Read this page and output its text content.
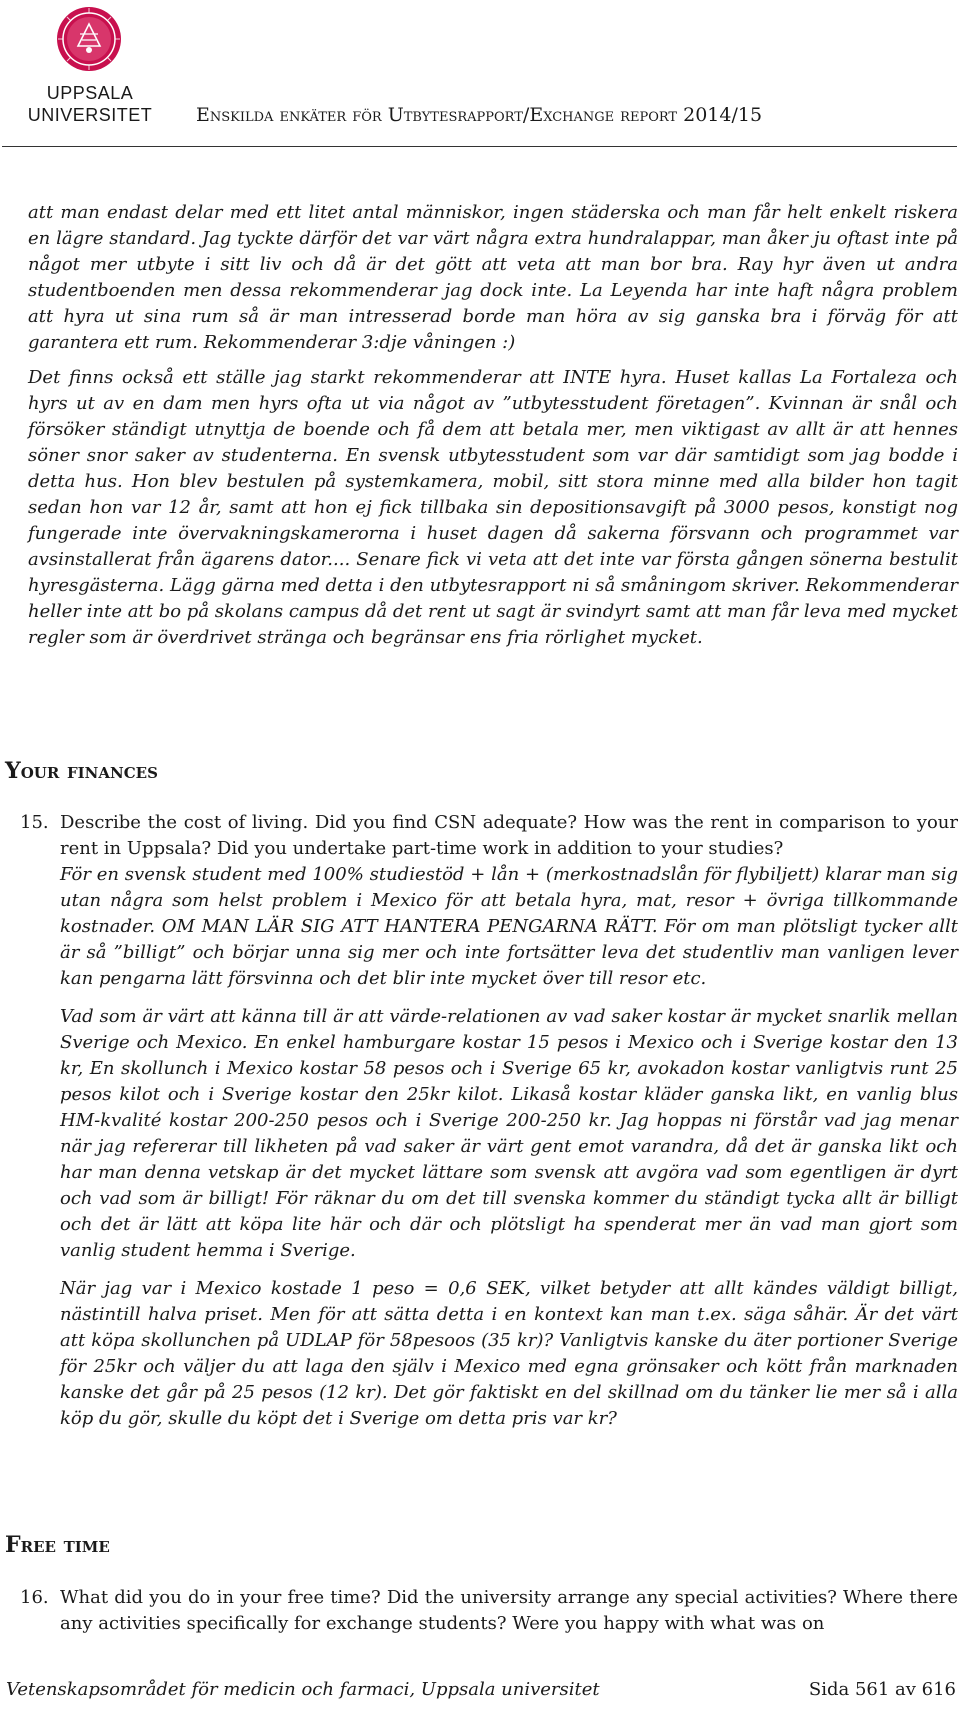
UPPSALA
UNIVERSITET	Enskilda enkäter för Utbytesrapport/Exchange report 2014/15

att man endast delar med ett litet antal människor, ingen städerska och man får helt enkelt riskera en lägre standard. Jag tyckte därför det var värt några extra hundralappar, man åker ju oftast inte på något mer utbyte i sitt liv och då är det gött att veta att man bor bra. Ray hyr även ut andra studentboenden men dessa rekommenderar jag dock inte. La Leyenda har inte haft några problem att hyra ut sina rum så är man intresserad borde man höra av sig ganska bra i förväg för att garantera ett rum. Rekommenderar 3:dje våningen :)

Det finns också ett ställe jag starkt rekommenderar att INTE hyra. Huset kallas La Fortaleza och hyrs ut av en dam men hyrs ofta ut via något av ”utbytesstudent företagen”. Kvinnan är snål och försöker ständigt utnyttja de boende och få dem att betala mer, men viktigast av allt är att hennes söner snor saker av studenterna. En svensk utbytesstudent som var där samtidigt som jag bodde i detta hus. Hon blev bestulen på systemkamera, mobil, sitt stora minne med alla bilder hon tagit sedan hon var 12 år, samt att hon ej fick tillbaka sin depositionsavgift på 3000 pesos, konstigt nog fungerade inte övervakningskamerorna i huset dagen då sakerna försvann och programmet var avsinstallerat från ägarens dator.... Senare fick vi veta att det inte var första gången sönerna bestulit hyresgästerna. Lägg gärna med detta i den utbytesrapport ni så småningom skriver. Rekommenderar heller inte att bo på skolans campus då det rent ut sagt är svindyrt samt att man får leva med mycket regler som är överdrivet stränga och begränsar ens fria rörlighet mycket.

Your finances
15. Describe the cost of living. Did you find CSN adequate? How was the rent in comparison to your rent in Uppsala? Did you undertake part-time work in addition to your studies?

För en svensk student med 100% studiestöd + lån + (merkostnadslån för flybiljett) klarar man sig utan några som helst problem i Mexico för att betala hyra, mat, resor + övriga tillkommande kostnader. OM MAN LÄR SIG ATT HANTERA PENGARNA RÄTT. För om man plötsligt tycker allt är så ”billigt” och börjar unna sig mer och inte fortsätter leva det studentliv man vanligen lever kan pengarna lätt försvinna och det blir inte mycket över till resor etc.

Vad som är värt att känna till är att värde-relationen av vad saker kostar är mycket snarlik mellan Sverige och Mexico. En enkel hamburgare kostar 15 pesos i Mexico och i Sverige kostar den 13 kr, En skollunch i Mexico kostar 58 pesos och i Sverige 65 kr, avokadon kostar vanligtvis runt 25 pesos kilot och i Sverige kostar den 25kr kilot. Likaså kostar kläder ganska likt, en vanlig blus HM-kvalité kostar 200-250 pesos och i Sverige 200-250 kr. Jag hoppas ni förstår vad jag menar när jag refererar till likheten på vad saker är värt gent emot varandra, då det är ganska likt och har man denna vetskap är det mycket lättare som svensk att avgöra vad som egentligen är dyrt och vad som är billigt! För räknar du om det till svenska kommer du ständigt tycka allt är billigt och det är lätt att köpa lite här och där och plötsligt ha spenderat mer än vad man gjort som vanlig student hemma i Sverige.

När jag var i Mexico kostade 1 peso = 0,6 SEK, vilket betyder att allt kändes väldigt billigt, nästintill halva priset. Men för att sätta detta i en kontext kan man t.ex. säga såhär. Är det värt att köpa skollunchen på UDLAP för 58pesoos (35 kr)? Vanligtvis kanske du äter portioner Sverige för 25kr och väljer du att laga den själv i Mexico med egna grönsaker och kött från marknaden kanske det går på 25 pesos (12 kr). Det gör faktiskt en del skillnad om du tänker lie mer så i alla köp du gör, skulle du köpt det i Sverige om detta pris var kr?

Free time
16. What did you do in your free time? Did the university arrange any special activities? Where there any activities specifically for exchange students? Were you happy with what was on

Vetenskapsområdet för medicin och farmaci, Uppsala universitet	Sida 561 av 616
